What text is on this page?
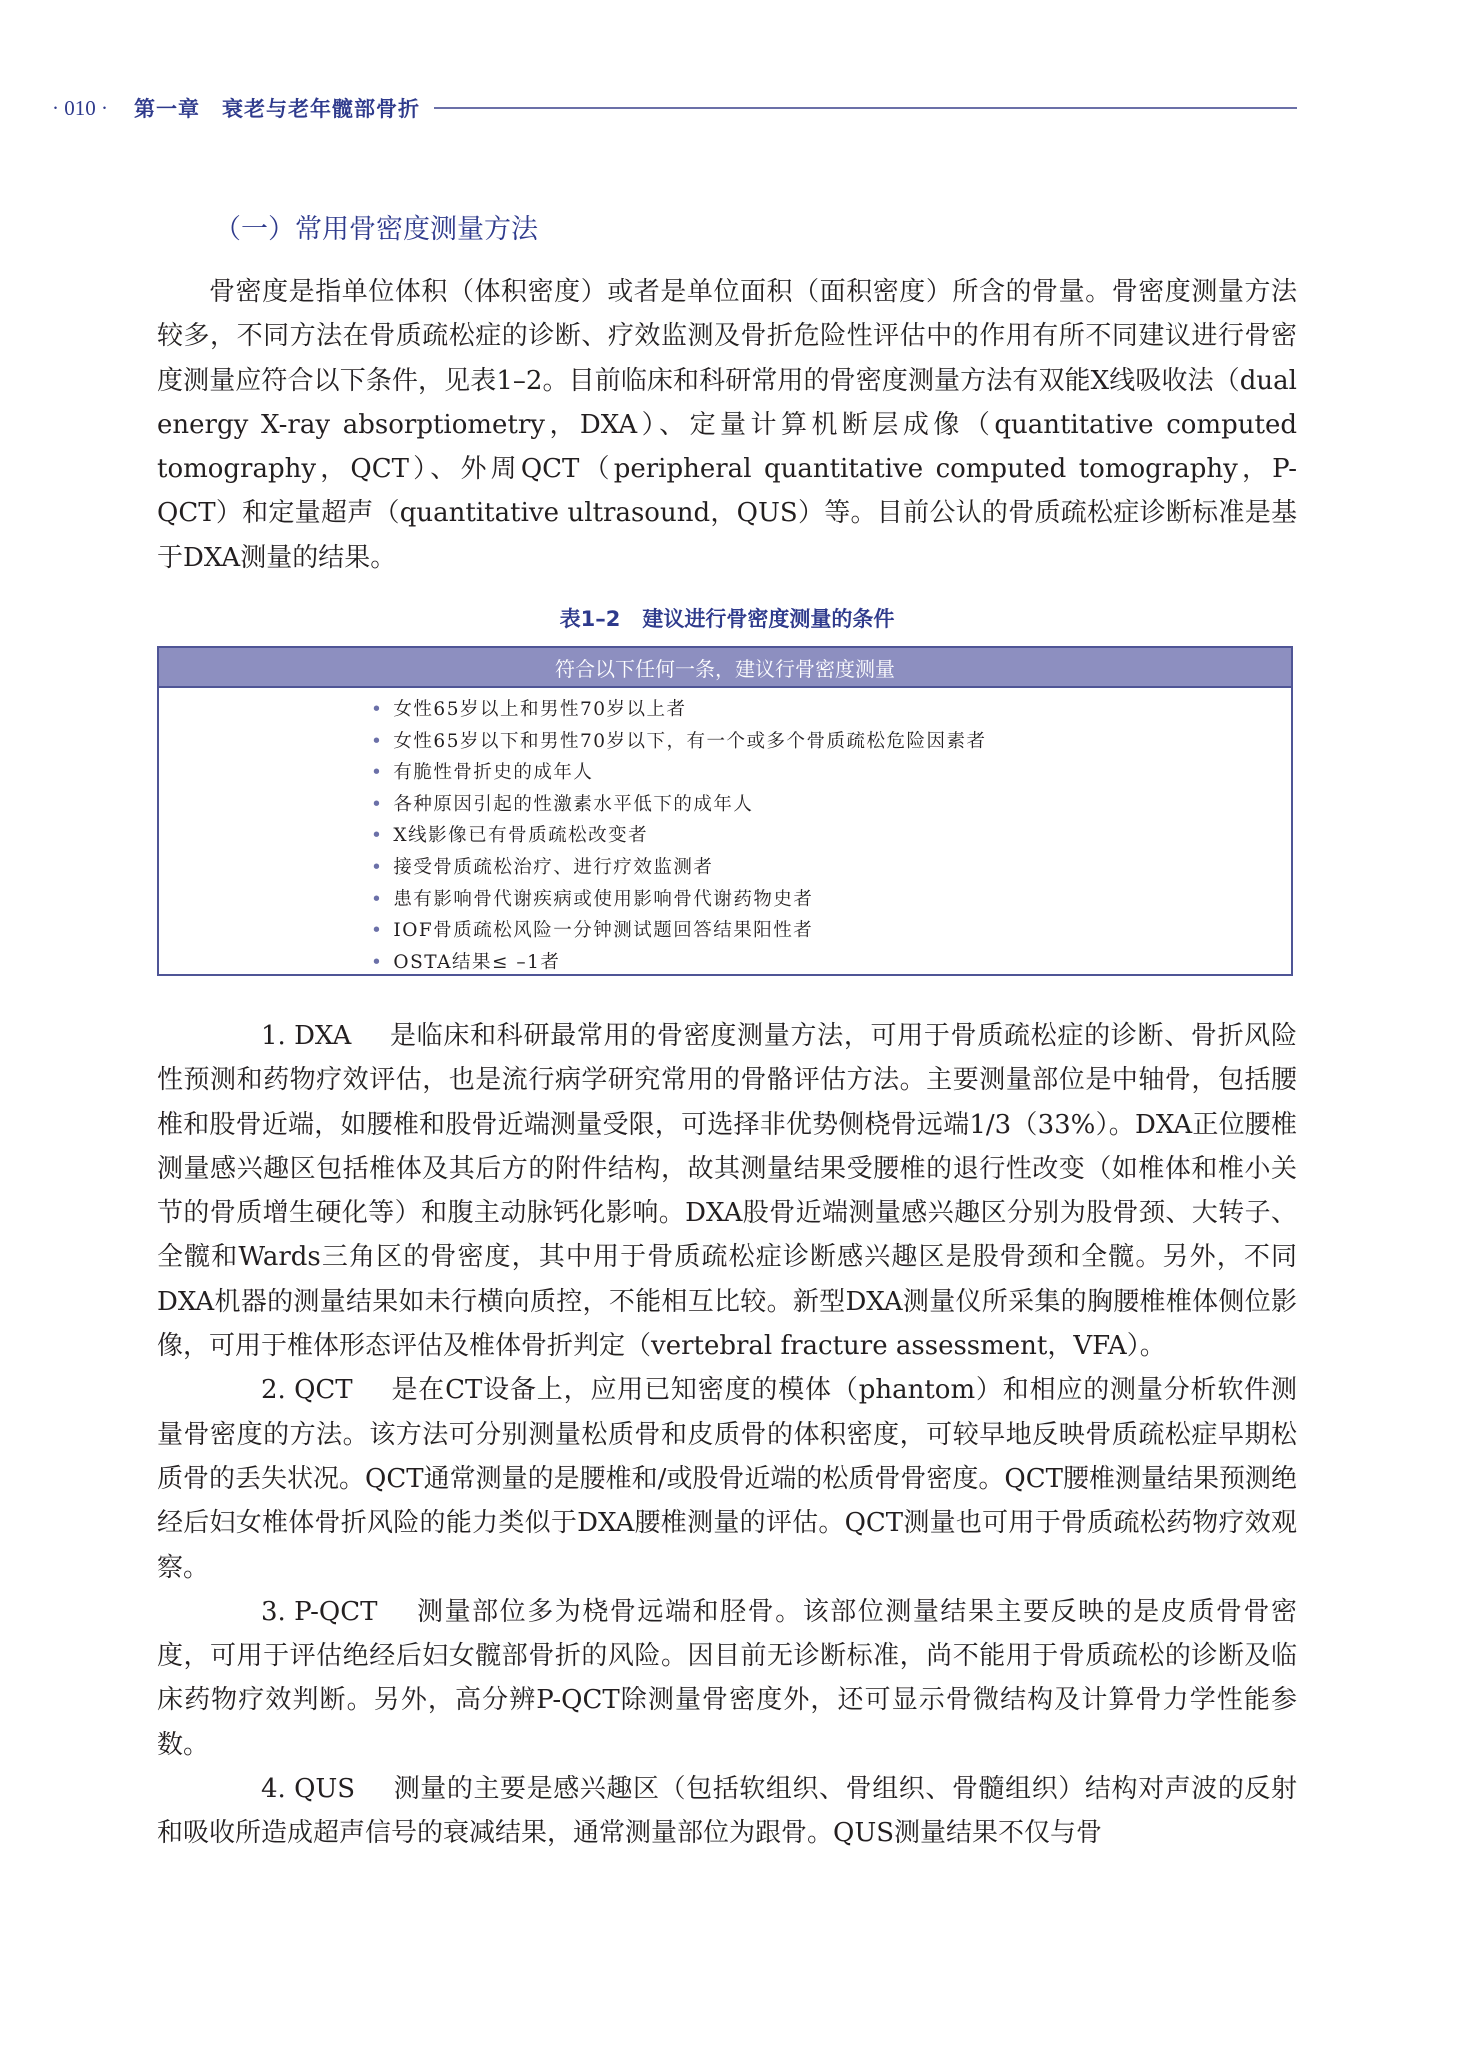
· 010 · 第一章　衰老与老年髋部骨折
（一）常用骨密度测量方法

骨密度是指单位体积（体积密度）或者是单位面积（面积密度）所含的骨量。骨密度测量方法较多，不同方法在骨质疏松症的诊断、疗效监测及骨折危险性评估中的作用有所不同建议进行骨密度测量应符合以下条件，见表1–2。目前临床和科研常用的骨密度测量方法有双能X线吸收法（dual energy X-ray absorptiometry，DXA）、定量计算机断层成像（quantitative computed tomography，QCT）、外周QCT（peripheral quantitative computed tomography，P-QCT）和定量超声（quantitative ultrasound，QUS）等。目前公认的骨质疏松症诊断标准是基于DXA测量的结果。

表1–2 建议进行骨密度测量的条件
符合以下任何一条，建议行骨密度测量
• 女性65岁以上和男性70岁以上者
• 女性65岁以下和男性70岁以下，有一个或多个骨质疏松危险因素者
• 有脆性骨折史的成年人
• 各种原因引起的性激素水平低下的成年人
• X线影像已有骨质疏松改变者
• 接受骨质疏松治疗、进行疗效监测者
• 患有影响骨代谢疾病或使用影响骨代谢药物史者
• IOF骨质疏松风险一分钟测试题回答结果阳性者
• OSTA结果≤ –1者

1. DXA 是临床和科研最常用的骨密度测量方法，可用于骨质疏松症的诊断、骨折风险性预测和药物疗效评估，也是流行病学研究常用的骨骼评估方法。主要测量部位是中轴骨，包括腰椎和股骨近端，如腰椎和股骨近端测量受限，可选择非优势侧桡骨远端1/3（33%）。DXA正位腰椎测量感兴趣区包括椎体及其后方的附件结构，故其测量结果受腰椎的退行性改变（如椎体和椎小关节的骨质增生硬化等）和腹主动脉钙化影响。DXA股骨近端测量感兴趣区分别为股骨颈、大转子、全髋和Wards三角区的骨密度，其中用于骨质疏松症诊断感兴趣区是股骨颈和全髋。另外，不同DXA机器的测量结果如未行横向质控，不能相互比较。新型DXA测量仪所采集的胸腰椎椎体侧位影像，可用于椎体形态评估及椎体骨折判定（vertebral fracture assessment，VFA）。

2. QCT 是在CT设备上，应用已知密度的模体（phantom）和相应的测量分析软件测量骨密度的方法。该方法可分别测量松质骨和皮质骨的体积密度，可较早地反映骨质疏松症早期松质骨的丢失状况。QCT通常测量的是腰椎和/或股骨近端的松质骨骨密度。QCT腰椎测量结果预测绝经后妇女椎体骨折风险的能力类似于DXA腰椎测量的评估。QCT测量也可用于骨质疏松药物疗效观察。

3. P-QCT 测量部位多为桡骨远端和胫骨。该部位测量结果主要反映的是皮质骨骨密度，可用于评估绝经后妇女髋部骨折的风险。因目前无诊断标准，尚不能用于骨质疏松的诊断及临床药物疗效判断。另外，高分辨P-QCT除测量骨密度外，还可显示骨微结构及计算骨力学性能参数。

4. QUS 测量的主要是感兴趣区（包括软组织、骨组织、骨髓组织）结构对声波的反射和吸收所造成超声信号的衰减结果，通常测量部位为跟骨。QUS测量结果不仅与骨
